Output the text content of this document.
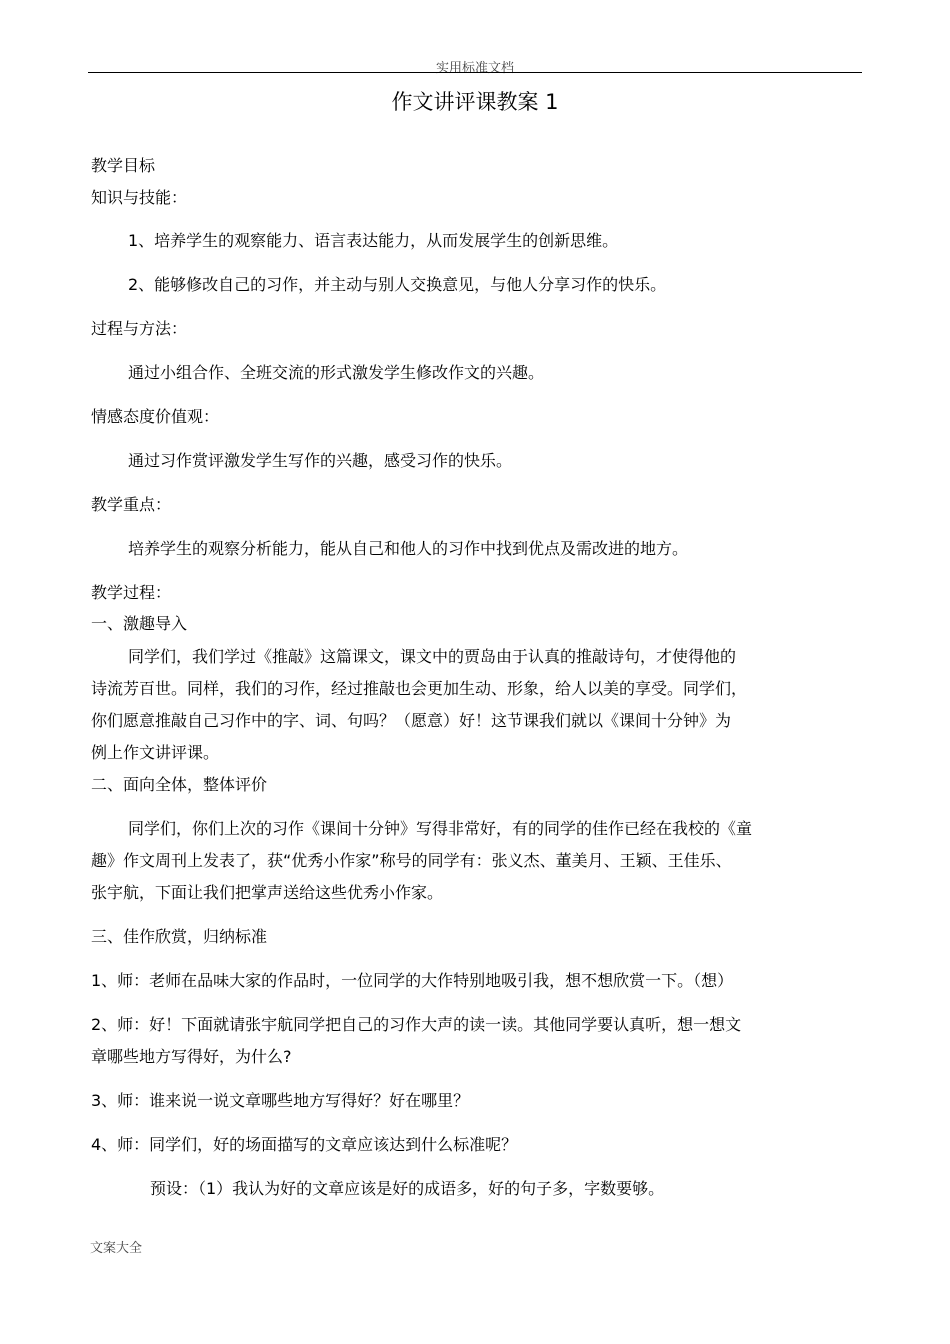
实用标准文档
作文讲评课教案 1
教学目标
知识与技能：
1、培养学生的观察能力、语言表达能力，从而发展学生的创新思维。
2、能够修改自己的习作，并主动与别人交换意见，与他人分享习作的快乐。
过程与方法：
通过小组合作、全班交流的形式激发学生修改作文的兴趣。
情感态度价值观：
通过习作赏评激发学生写作的兴趣，感受习作的快乐。
教学重点：
培养学生的观察分析能力，能从自己和他人的习作中找到优点及需改进的地方。
教学过程：
一、激趣导入
同学们，我们学过《推敲》这篇课文，课文中的贾岛由于认真的推敲诗句，才使得他的
诗流芳百世。同样，我们的习作，经过推敲也会更加生动、形象，给人以美的享受。同学们，
你们愿意推敲自己习作中的字、词、句吗？（愿意）好！这节课我们就以《课间十分钟》为
例上作文讲评课。
二、面向全体，整体评价
同学们，你们上次的习作《课间十分钟》写得非常好，有的同学的佳作已经在我校的《童
趣》作文周刊上发表了，获“优秀小作家”称号的同学有：张义杰、董美月、王颖、王佳乐、
张宇航，下面让我们把掌声送给这些优秀小作家。
三、佳作欣赏，归纳标准
1、师：老师在品味大家的作品时，一位同学的大作特别地吸引我，想不想欣赏一下。（想）
2、师：好！下面就请张宇航同学把自己的习作大声的读一读。其他同学要认真听，想一想文
章哪些地方写得好，为什么?
3、师：谁来说一说文章哪些地方写得好？好在哪里？
4、师：同学们，好的场面描写的文章应该达到什么标准呢？
预设：（1）我认为好的文章应该是好的成语多，好的句子多，字数要够。
文案大全
